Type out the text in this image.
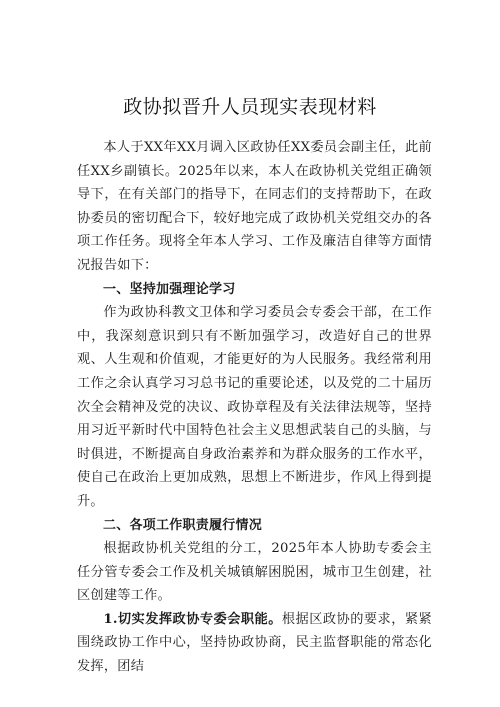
政协拟晋升人员现实表现材料

本人于XX年XX月调入区政协任XX委员会副主任，此前任XX乡副镇长。2025年以来，本人在政协机关党组正确领导下，在有关部门的指导下，在同志们的支持帮助下，在政协委员的密切配合下，较好地完成了政协机关党组交办的各项工作任务。现将全年本人学习、工作及廉洁自律等方面情况报告如下：

一、坚持加强理论学习

作为政协科教文卫体和学习委员会专委会干部，在工作中，我深刻意识到只有不断加强学习，改造好自己的世界观、人生观和价值观，才能更好的为人民服务。我经常利用工作之余认真学习习总书记的重要论述，以及党的二十届历次全会精神及党的决议、政协章程及有关法律法规等，坚持用习近平新时代中国特色社会主义思想武装自己的头脑，与时俱进，不断提高自身政治素养和为群众服务的工作水平，使自己在政治上更加成熟，思想上不断进步，作风上得到提升。

二、各项工作职责履行情况

根据政协机关党组的分工，2025年本人协助专委会主任分管专委会工作及机关城镇解困脱困，城市卫生创建，社区创建等工作。

1.切实发挥政协专委会职能。根据区政协的要求，紧紧围绕政协工作中心，坚持协政协商，民主监督职能的常态化发挥，团结
